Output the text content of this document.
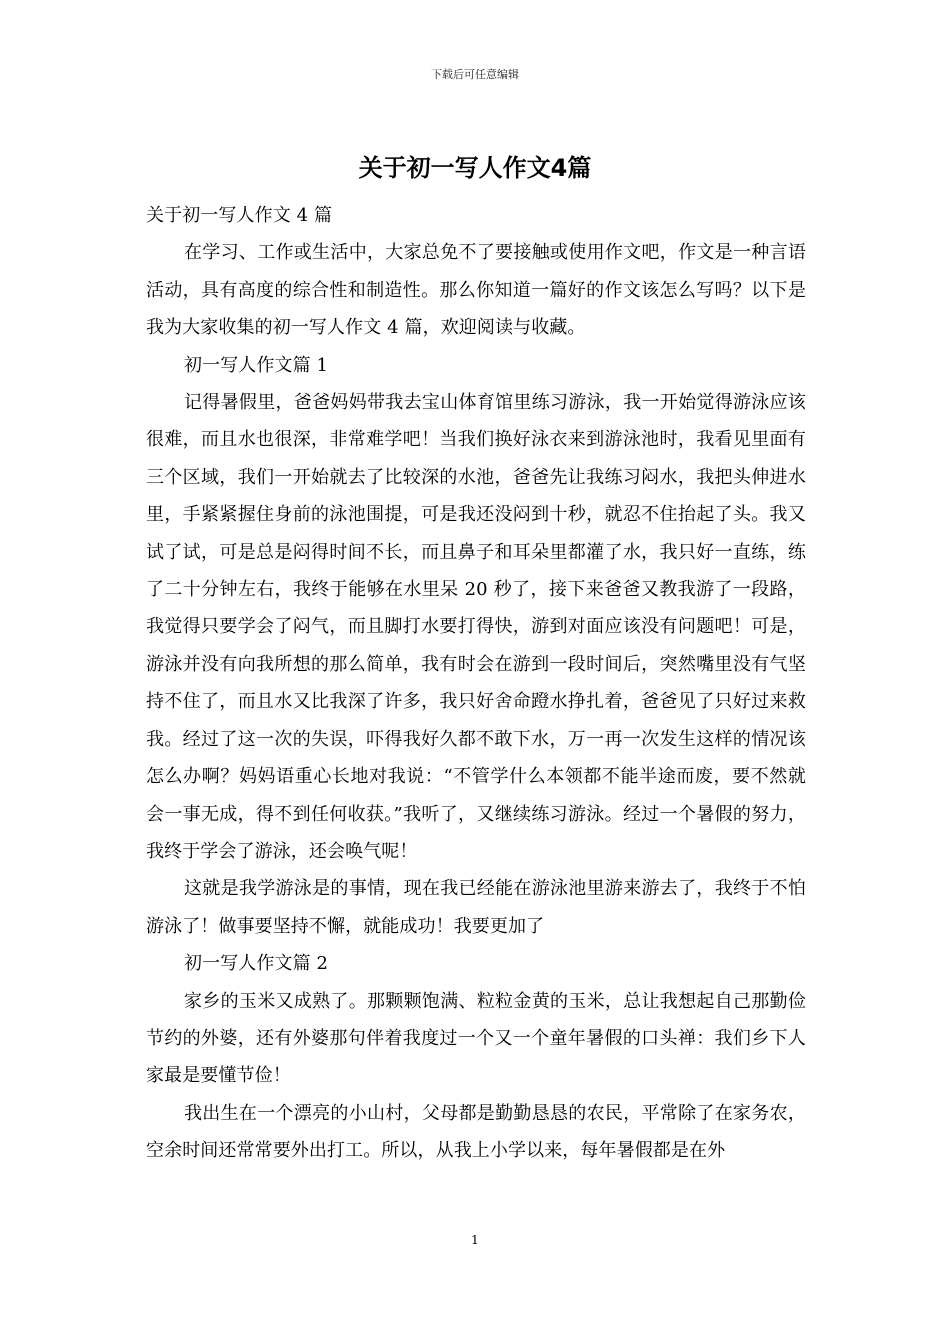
下载后可任意编辑
关于初一写人作文4篇

关于初一写人作文 4 篇

在学习、工作或生活中，大家总免不了要接触或使用作文吧，作文是一种言语活动，具有高度的综合性和制造性。那么你知道一篇好的作文该怎么写吗？以下是我为大家收集的初一写人作文 4 篇，欢迎阅读与收藏。

初一写人作文篇 1

记得暑假里，爸爸妈妈带我去宝山体育馆里练习游泳，我一开始觉得游泳应该很难，而且水也很深，非常难学吧！当我们换好泳衣来到游泳池时，我看见里面有三个区域，我们一开始就去了比较深的水池，爸爸先让我练习闷水，我把头伸进水里，手紧紧握住身前的泳池围提，可是我还没闷到十秒，就忍不住抬起了头。我又试了试，可是总是闷得时间不长，而且鼻子和耳朵里都灌了水，我只好一直练，练了二十分钟左右，我终于能够在水里呆 20 秒了，接下来爸爸又教我游了一段路，我觉得只要学会了闷气，而且脚打水要打得快，游到对面应该没有问题吧！可是，游泳并没有向我所想的那么简单，我有时会在游到一段时间后，突然嘴里没有气坚持不住了，而且水又比我深了许多，我只好舍命蹬水挣扎着，爸爸见了只好过来救我。经过了这一次的失误，吓得我好久都不敢下水，万一再一次发生这样的情况该怎么办啊？妈妈语重心长地对我说：“不管学什么本领都不能半途而废，要不然就会一事无成，得不到任何收获。”我听了，又继续练习游泳。经过一个暑假的努力，我终于学会了游泳，还会唤气呢！

这就是我学游泳是的事情，现在我已经能在游泳池里游来游去了，我终于不怕游泳了！做事要坚持不懈，就能成功！我要更加了

初一写人作文篇 2

家乡的玉米又成熟了。那颗颗饱满、粒粒金黄的玉米，总让我想起自己那勤俭节约的外婆，还有外婆那句伴着我度过一个又一个童年暑假的口头禅：我们乡下人家最是要懂节俭！

我出生在一个漂亮的小山村，父母都是勤勤恳恳的农民，平常除了在家务农，空余时间还常常要外出打工。所以，从我上小学以来，每年暑假都是在外

1
